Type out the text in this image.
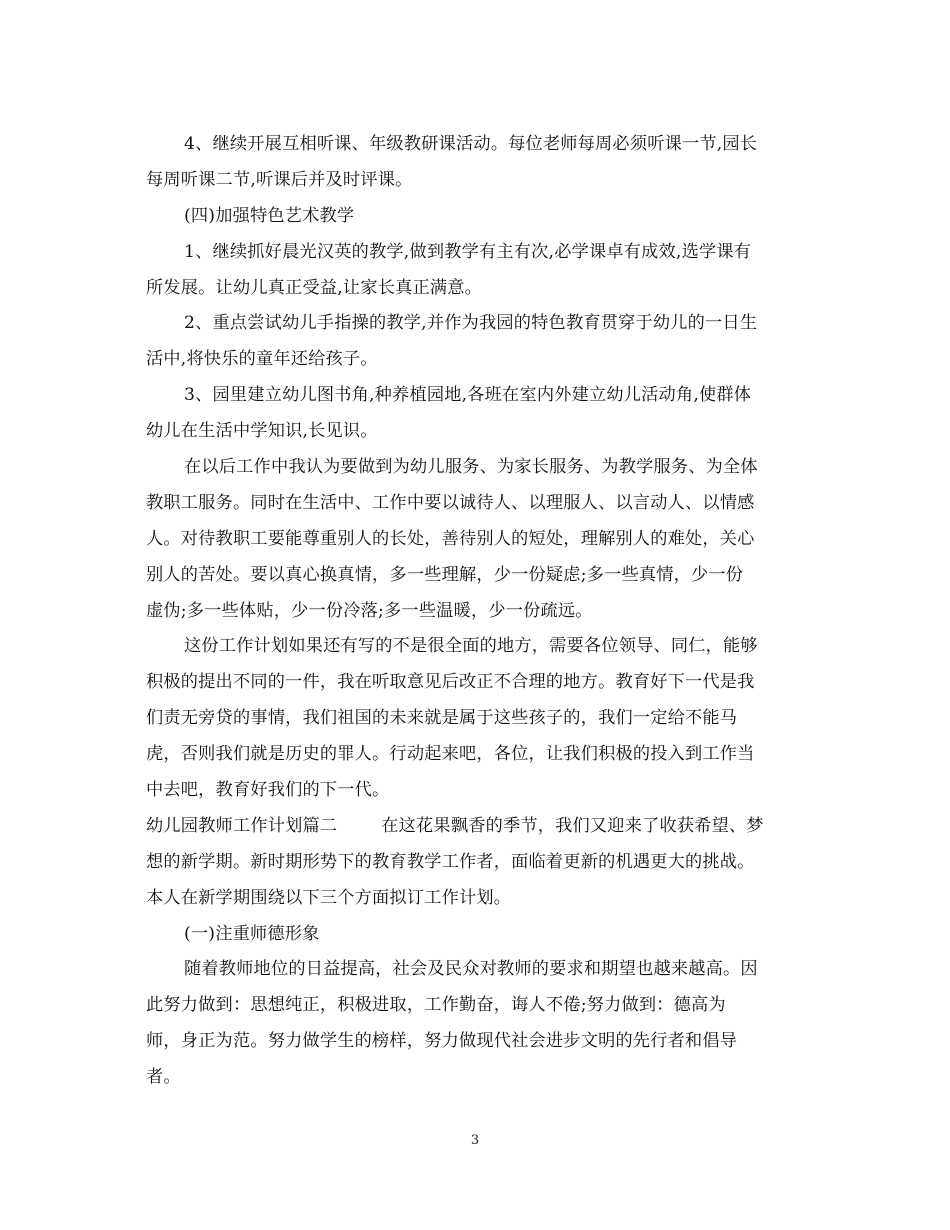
4、继续开展互相听课、年级教研课活动。每位老师每周必须听课一节,园长
每周听课二节,听课后并及时评课。
(四)加强特色艺术教学
1、继续抓好晨光汉英的教学,做到教学有主有次,必学课卓有成效,选学课有
所发展。让幼儿真正受益,让家长真正满意。
2、重点尝试幼儿手指操的教学,并作为我园的特色教育贯穿于幼儿的一日生
活中,将快乐的童年还给孩子。
3、园里建立幼儿图书角,种养植园地,各班在室内外建立幼儿活动角,使群体
幼儿在生活中学知识,长见识。
在以后工作中我认为要做到为幼儿服务、为家长服务、为教学服务、为全体
教职工服务。同时在生活中、工作中要以诚待人、以理服人、以言动人、以情感
人。对待教职工要能尊重别人的长处，善待别人的短处，理解别人的难处，关心
别人的苦处。要以真心换真情，多一些理解，少一份疑虑;多一些真情，少一份
虚伪;多一些体贴，少一份冷落;多一些温暖，少一份疏远。
这份工作计划如果还有写的不是很全面的地方，需要各位领导、同仁，能够
积极的提出不同的一件，我在听取意见后改正不合理的地方。教育好下一代是我
们责无旁贷的事情，我们祖国的未来就是属于这些孩子的，我们一定给不能马
虎，否则我们就是历史的罪人。行动起来吧，各位，让我们积极的投入到工作当
中去吧，教育好我们的下一代。
幼儿园教师工作计划篇二	在这花果飘香的季节，我们又迎来了收获希望、梦
想的新学期。新时期形势下的教育教学工作者，面临着更新的机遇更大的挑战。
本人在新学期围绕以下三个方面拟订工作计划。
(一)注重师德形象
随着教师地位的日益提高，社会及民众对教师的要求和期望也越来越高。因
此努力做到：思想纯正，积极进取，工作勤奋，诲人不倦;努力做到：德高为
师，身正为范。努力做学生的榜样，努力做现代社会进步文明的先行者和倡导
者。
3
